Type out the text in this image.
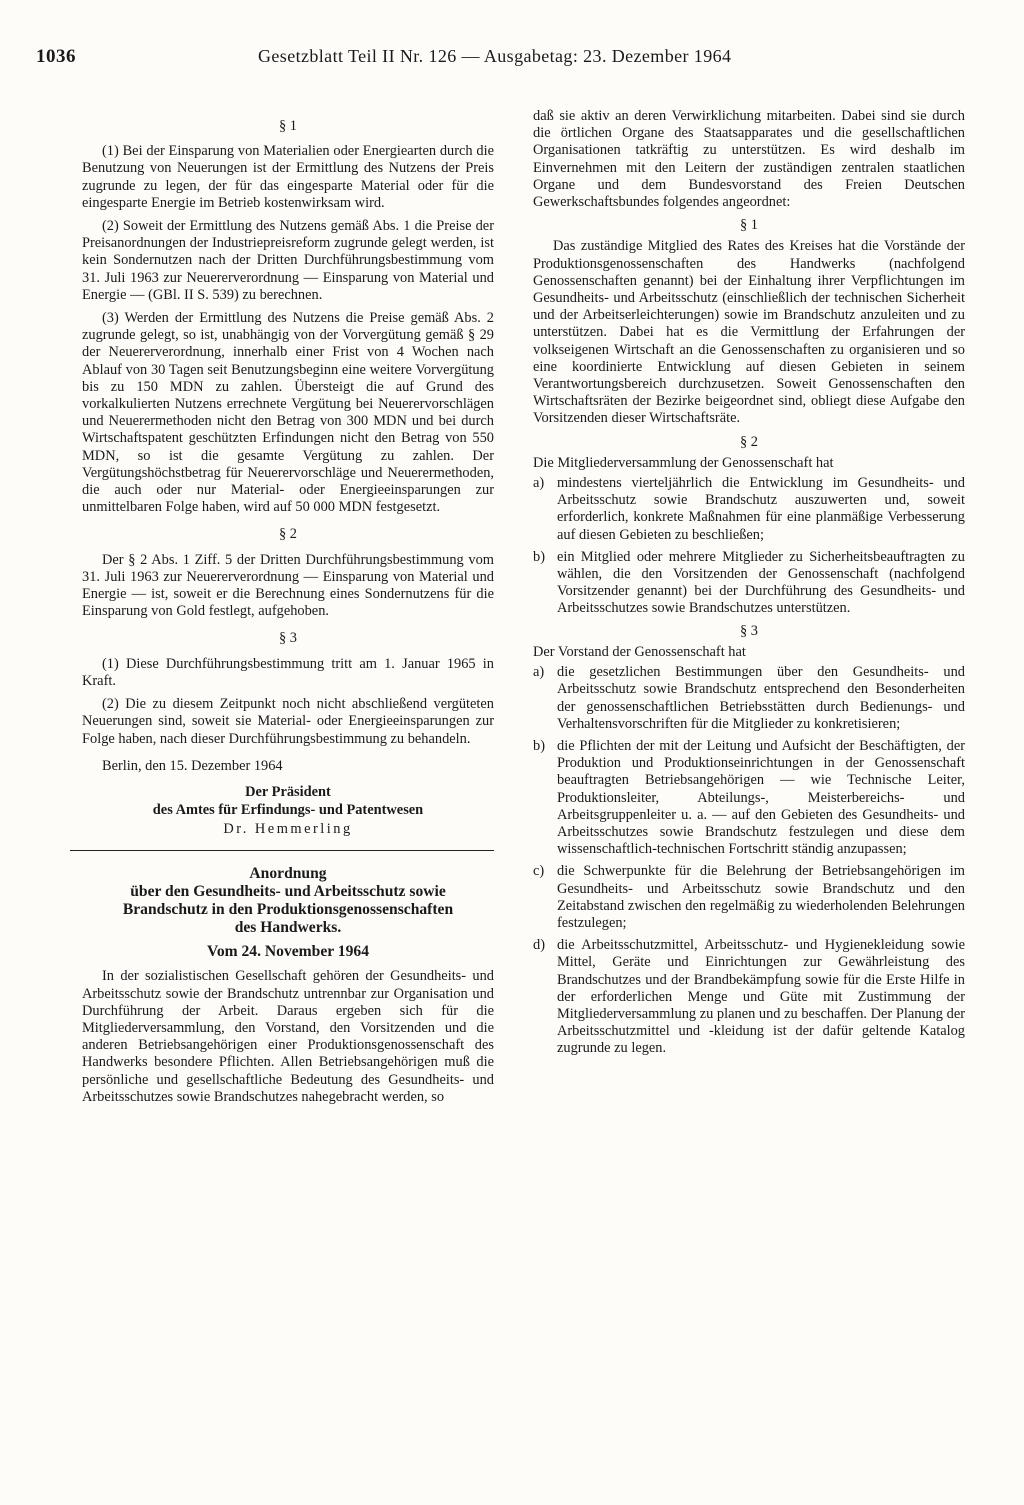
1036	Gesetzblatt Teil II Nr. 126 — Ausgabetag: 23. Dezember 1964
§ 1

(1) Bei der Einsparung von Materialien oder Energiearten durch die Benutzung von Neuerungen ist der Ermittlung des Nutzens der Preis zugrunde zu legen, der für das eingesparte Material oder für die eingesparte Energie im Betrieb kostenwirksam wird.

(2) Soweit der Ermittlung des Nutzens gemäß Abs. 1 die Preise der Preisanordnungen der Industriepreisreform zugrunde gelegt werden, ist kein Sondernutzen nach der Dritten Durchführungsbestimmung vom 31. Juli 1963 zur Neuererverordnung — Einsparung von Material und Energie — (GBl. II S. 539) zu berechnen.

(3) Werden der Ermittlung des Nutzens die Preise gemäß Abs. 2 zugrunde gelegt, so ist, unabhängig von der Vorvergütung gemäß § 29 der Neuererverordnung, innerhalb einer Frist von 4 Wochen nach Ablauf von 30 Tagen seit Benutzungsbeginn eine weitere Vorvergütung bis zu 150 MDN zu zahlen. Übersteigt die auf Grund des vorkalkulierten Nutzens errechnete Vergütung bei Neuerervorschlägen und Neuerermethoden nicht den Betrag von 300 MDN und bei durch Wirtschaftspatent geschützten Erfindungen nicht den Betrag von 550 MDN, so ist die gesamte Vergütung zu zahlen. Der Vergütungshöchstbetrag für Neuerervorschläge und Neuerermethoden, die auch oder nur Material- oder Energieeinsparungen zur unmittelbaren Folge haben, wird auf 50 000 MDN festgesetzt.

§ 2

Der § 2 Abs. 1 Ziff. 5 der Dritten Durchführungsbestimmung vom 31. Juli 1963 zur Neuererverordnung — Einsparung von Material und Energie — ist, soweit er die Berechnung eines Sondernutzens für die Einsparung von Gold festlegt, aufgehoben.

§ 3

(1) Diese Durchführungsbestimmung tritt am 1. Januar 1965 in Kraft.

(2) Die zu diesem Zeitpunkt noch nicht abschließend vergüteten Neuerungen sind, soweit sie Material- oder Energieeinsparungen zur Folge haben, nach dieser Durchführungsbestimmung zu behandeln.

Berlin, den 15. Dezember 1964

Der Präsident

des Amtes für Erfindungs- und Patentwesen

Dr. Hemmerling

Anordnung
über den Gesundheits- und Arbeitsschutz sowie
Brandschutz in den Produktionsgenossenschaften
des Handwerks.
Vom 24. November 1964

In der sozialistischen Gesellschaft gehören der Gesundheits- und Arbeitsschutz sowie der Brandschutz untrennbar zur Organisation und Durchführung der Arbeit. Daraus ergeben sich für die Mitgliederversammlung, den Vorstand, den Vorsitzenden und die anderen Betriebsangehörigen einer Produktionsgenossenschaft des Handwerks besondere Pflichten. Allen Betriebsangehörigen muß die persönliche und gesellschaftliche Bedeutung des Gesundheits- und Arbeitsschutzes sowie Brandschutzes nahegebracht werden, so

daß sie aktiv an deren Verwirklichung mitarbeiten. Dabei sind sie durch die örtlichen Organe des Staatsapparates und die gesellschaftlichen Organisationen tatkräftig zu unterstützen. Es wird deshalb im Einvernehmen mit den Leitern der zuständigen zentralen staatlichen Organe und dem Bundesvorstand des Freien Deutschen Gewerkschaftsbundes folgendes angeordnet:

§ 1

Das zuständige Mitglied des Rates des Kreises hat die Vorstände der Produktionsgenossenschaften des Handwerks (nachfolgend Genossenschaften genannt) bei der Einhaltung ihrer Verpflichtungen im Gesundheits- und Arbeitsschutz (einschließlich der technischen Sicherheit und der Arbeitserleichterungen) sowie im Brandschutz anzuleiten und zu unterstützen. Dabei hat es die Vermittlung der Erfahrungen der volkseigenen Wirtschaft an die Genossenschaften zu organisieren und so eine koordinierte Entwicklung auf diesen Gebieten in seinem Verantwortungsbereich durchzusetzen. Soweit Genossenschaften den Wirtschaftsräten der Bezirke beigeordnet sind, obliegt diese Aufgabe den Vorsitzenden dieser Wirtschaftsräte.

§ 2

Die Mitgliederversammlung der Genossenschaft hat

a) mindestens vierteljährlich die Entwicklung im Gesundheits- und Arbeitsschutz sowie Brandschutz auszuwerten und, soweit erforderlich, konkrete Maßnahmen für eine planmäßige Verbesserung auf diesen Gebieten zu beschließen;
b) ein Mitglied oder mehrere Mitglieder zu Sicherheitsbeauftragten zu wählen, die den Vorsitzenden der Genossenschaft (nachfolgend Vorsitzender genannt) bei der Durchführung des Gesundheits- und Arbeitsschutzes sowie Brandschutzes unterstützen.
§ 3

Der Vorstand der Genossenschaft hat

a) die gesetzlichen Bestimmungen über den Gesundheits- und Arbeitsschutz sowie Brandschutz entsprechend den Besonderheiten der genossenschaftlichen Betriebsstätten durch Bedienungs- und Verhaltensvorschriften für die Mitglieder zu konkretisieren;
b) die Pflichten der mit der Leitung und Aufsicht der Beschäftigten, der Produktion und Produktionseinrichtungen in der Genossenschaft beauftragten Betriebsangehörigen — wie Technische Leiter, Produktionsleiter, Abteilungs-, Meisterbereichs- und Arbeitsgruppenleiter u. a. — auf den Gebieten des Gesundheits- und Arbeitsschutzes sowie Brandschutz festzulegen und diese dem wissenschaftlich-technischen Fortschritt ständig anzupassen;
c) die Schwerpunkte für die Belehrung der Betriebsangehörigen im Gesundheits- und Arbeitsschutz sowie Brandschutz und den Zeitabstand zwischen den regelmäßig zu wiederholenden Belehrungen festzulegen;
d) die Arbeitsschutzmittel, Arbeitsschutz- und Hygienekleidung sowie Mittel, Geräte und Einrichtungen zur Gewährleistung des Brandschutzes und der Brandbekämpfung sowie für die Erste Hilfe in der erforderlichen Menge und Güte mit Zustimmung der Mitgliederversammlung zu planen und zu beschaffen. Der Planung der Arbeitsschutzmittel und -kleidung ist der dafür geltende Katalog zugrunde zu legen.
